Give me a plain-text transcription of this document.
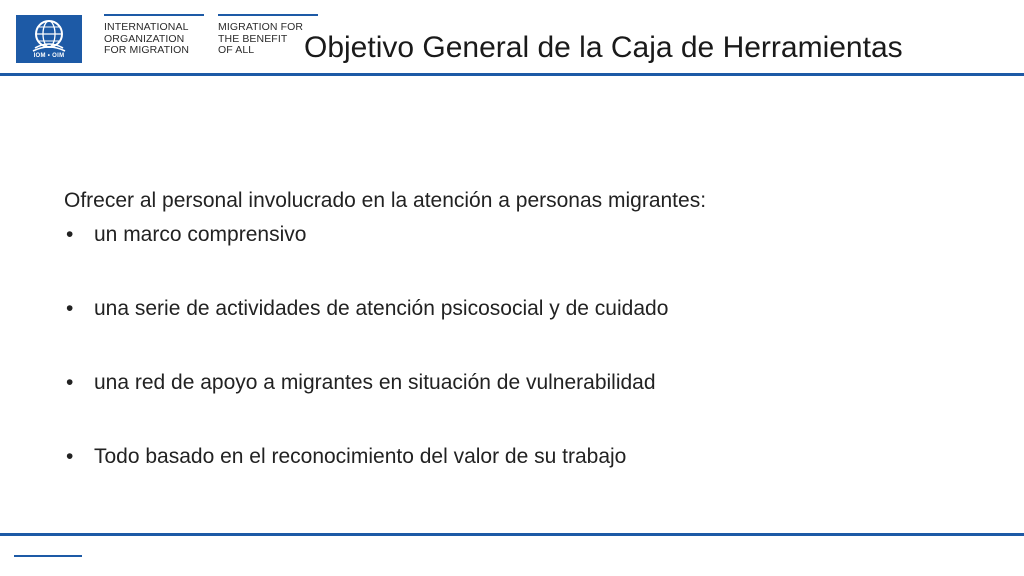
IOM • OIM
INTERNATIONAL
ORGANIZATION
FOR MIGRATION
MIGRATION FOR
THE BENEFIT
OF ALL	Objetivo General de la Caja de Herramientas

Ofrecer al personal involucrado en la atención a personas migrantes:

• un marco comprensivo
• una serie de actividades de atención psicosocial y de cuidado
• una red de apoyo a migrantes en situación de vulnerabilidad
• Todo basado en el reconocimiento del valor de su trabajo
